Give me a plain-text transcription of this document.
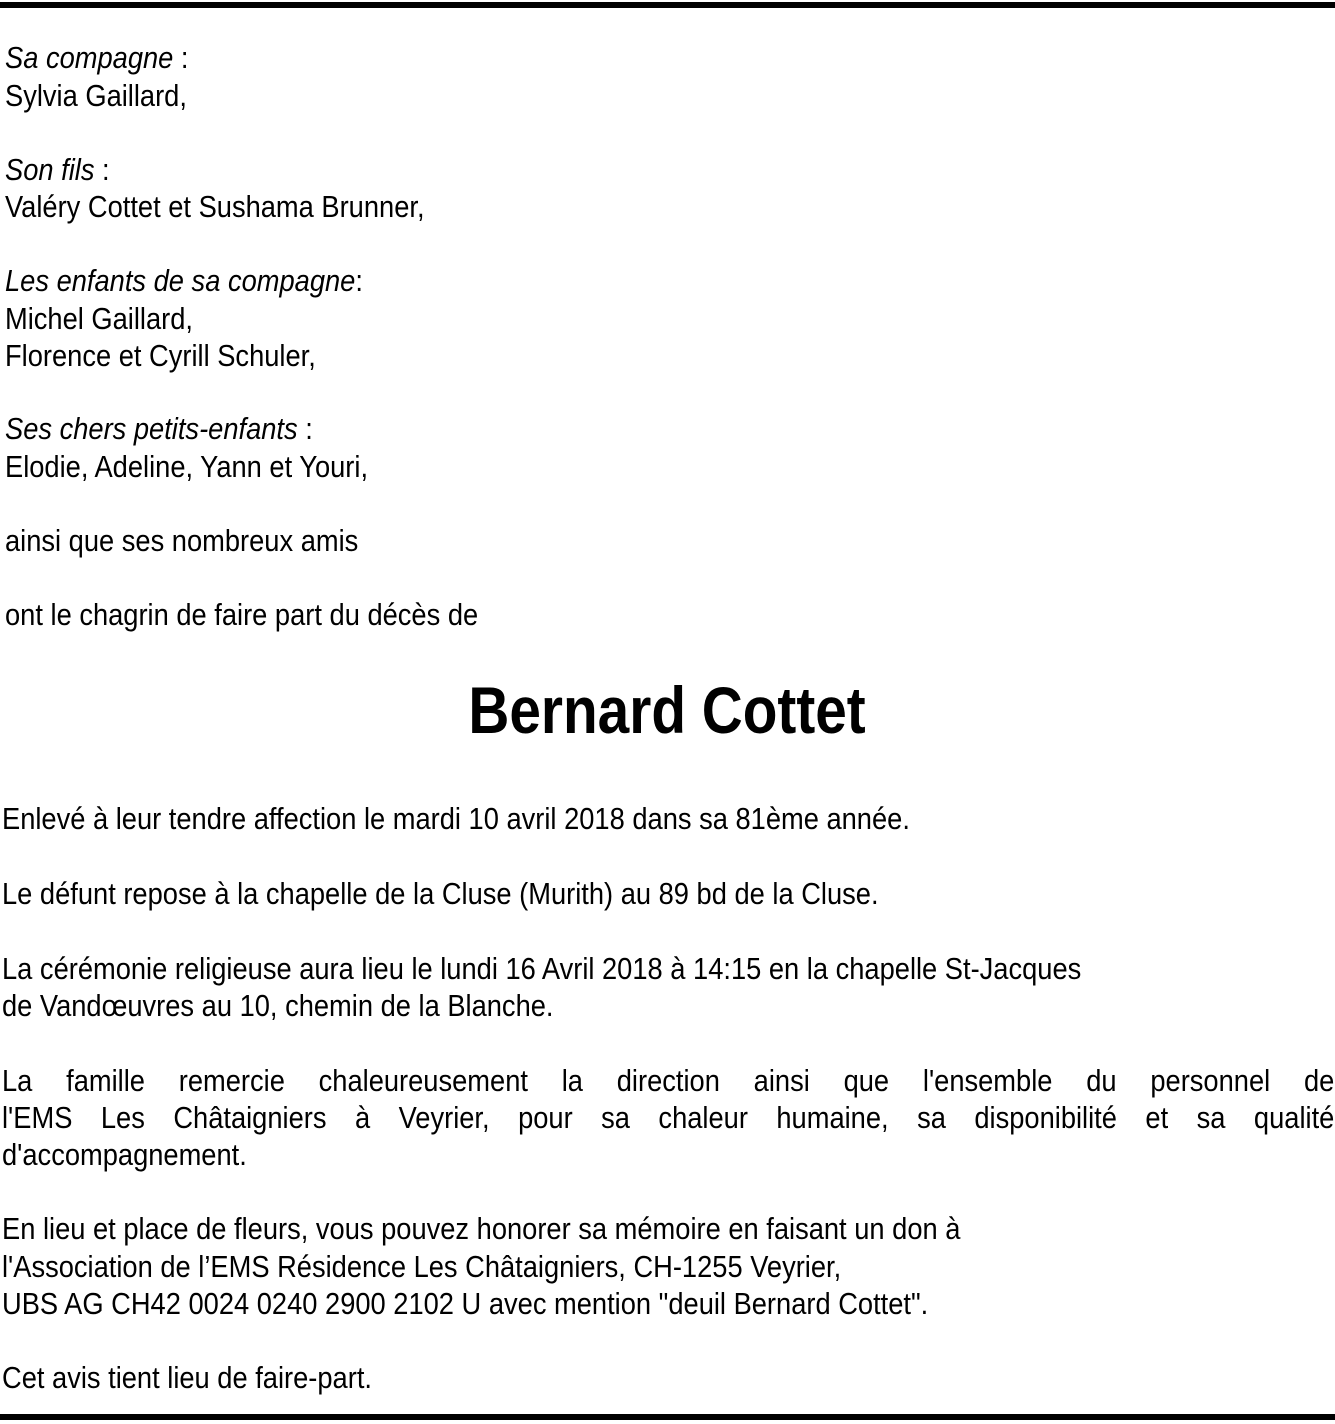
Sa compagne :

Sylvia Gaillard,

Son fils :

Valéry Cottet et Sushama Brunner,

Les enfants de sa compagne:

Michel Gaillard,

Florence et Cyrill Schuler,

Ses chers petits-enfants :

Elodie, Adeline, Yann et Youri,

ainsi que ses nombreux amis

ont le chagrin de faire part du décès de

Bernard Cottet

Enlevé à leur tendre affection le mardi 10 avril 2018 dans sa 81ème année.

Le défunt repose à la chapelle de la Cluse (Murith) au 89 bd de la Cluse.

La cérémonie religieuse aura lieu le lundi 16 Avril 2018 à 14:15 en la chapelle St-Jacques

de Vandœuvres au 10, chemin de la Blanche.

La famille remercie chaleureusement la direction ainsi que l'ensemble du personnel de
l'EMS Les Châtaigniers à Veyrier, pour sa chaleur humaine, sa disponibilité et sa qualité
d'accompagnement.

En lieu et place de fleurs, vous pouvez honorer sa mémoire en faisant un don à

l'Association de l’EMS Résidence Les Châtaigniers, CH-1255 Veyrier,

UBS AG CH42 0024 0240 2900 2102 U avec mention "deuil Bernard Cottet".

Cet avis tient lieu de faire-part.
